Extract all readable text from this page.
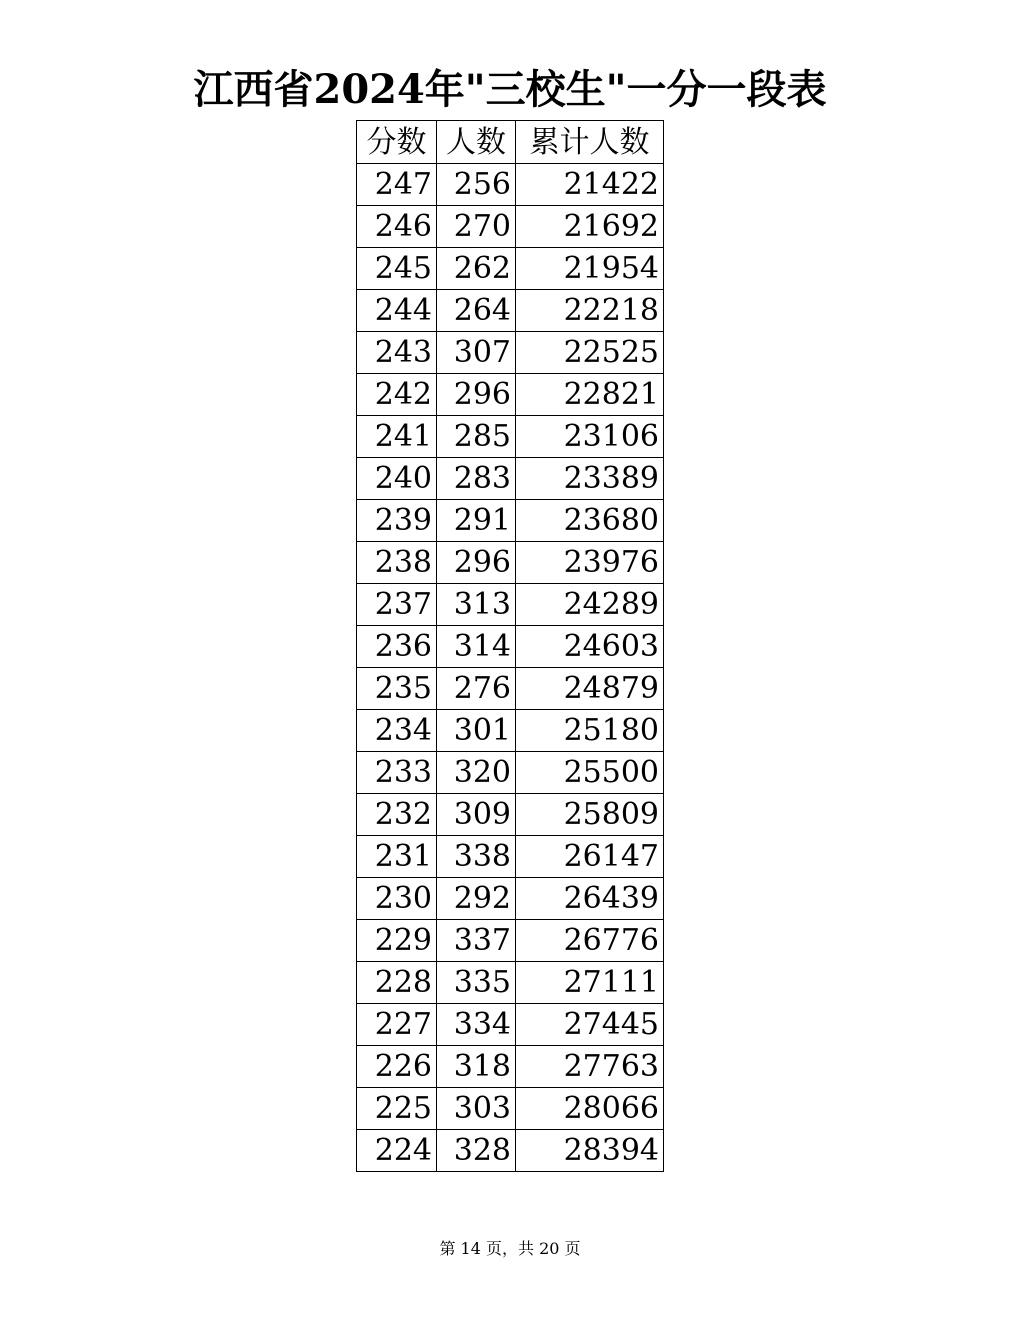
江西省2024年"三校生"一分一段表
分数	人数	累计人数
247	256	21422
246	270	21692
245	262	21954
244	264	22218
243	307	22525
242	296	22821
241	285	23106
240	283	23389
239	291	23680
238	296	23976
237	313	24289
236	314	24603
235	276	24879
234	301	25180
233	320	25500
232	309	25809
231	338	26147
230	292	26439
229	337	26776
228	335	27111
227	334	27445
226	318	27763
225	303	28066
224	328	28394
第 14 页，共 20 页
